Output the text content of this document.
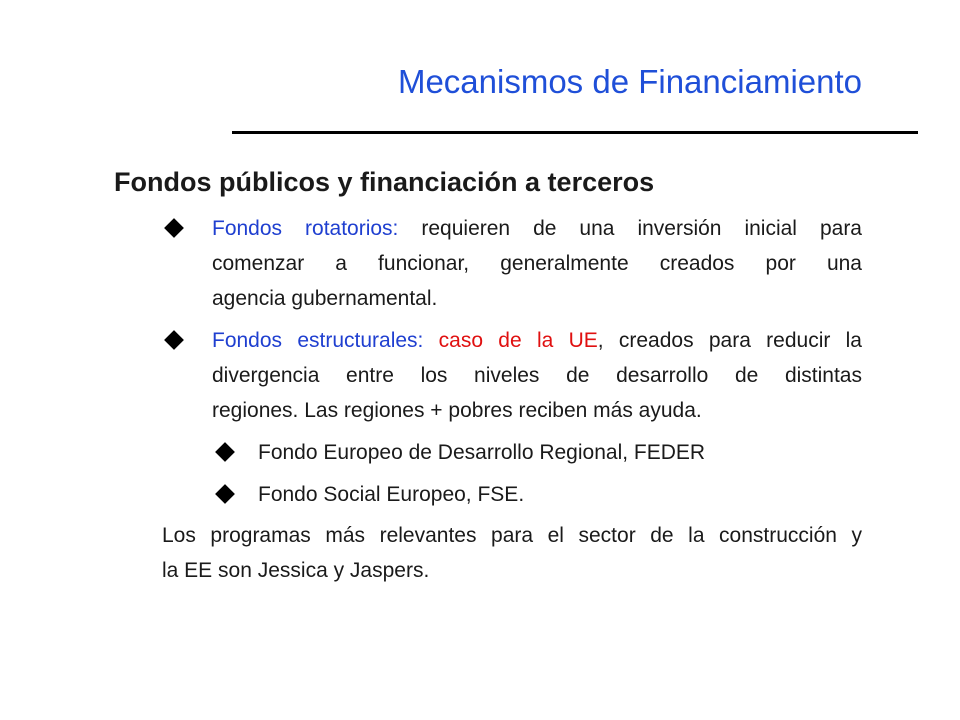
Mecanismos de Financiamiento
Fondos públicos y financiación a terceros
Fondos rotatorios: requieren de una inversión inicial para
comenzar a funcionar, generalmente creados por una
agencia gubernamental.
Fondos estructurales: caso de la UE, creados para reducir la
divergencia entre los niveles de desarrollo de distintas
regiones. Las regiones + pobres reciben más ayuda.
Fondo Europeo de Desarrollo Regional, FEDER
Fondo Social Europeo, FSE.
Los programas más relevantes para el sector de la construcción y
la EE son Jessica y Jaspers.
